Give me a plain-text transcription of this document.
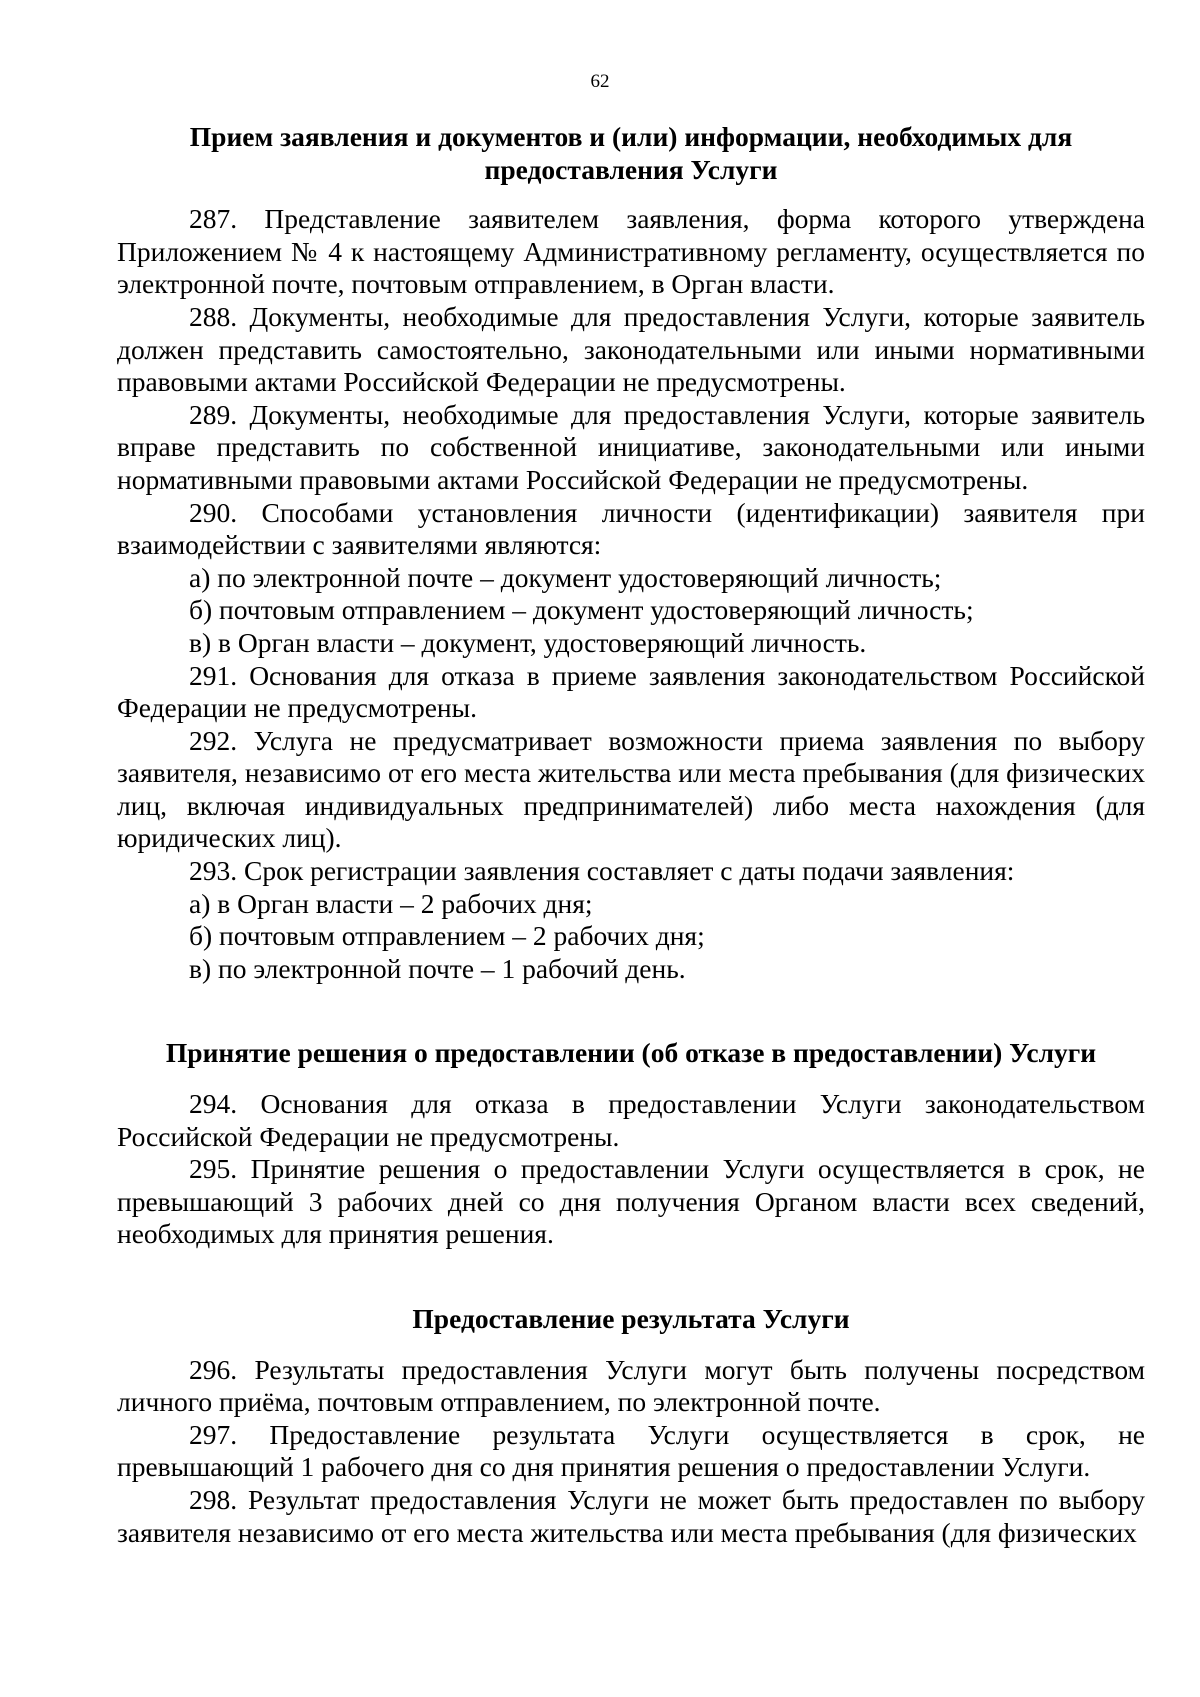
62
Прием заявления и документов и (или) информации, необходимых для предоставления Услуги

287. Представление заявителем заявления, форма которого утверждена Приложением № 4 к настоящему Административному регламенту, осуществляется по электронной почте, почтовым отправлением, в Орган власти.

288. Документы, необходимые для предоставления Услуги, которые заявитель должен представить самостоятельно, законодательными или иными нормативными правовыми актами Российской Федерации не предусмотрены.

289. Документы, необходимые для предоставления Услуги, которые заявитель вправе представить по собственной инициативе, законодательными или иными нормативными правовыми актами Российской Федерации не предусмотрены.

290. Способами установления личности (идентификации) заявителя при взаимодействии с заявителями являются:

а) по электронной почте – документ удостоверяющий личность;

б) почтовым отправлением – документ удостоверяющий личность;

в) в Орган власти – документ, удостоверяющий личность.

291. Основания для отказа в приеме заявления законодательством Российской Федерации не предусмотрены.

292. Услуга не предусматривает возможности приема заявления по выбору заявителя, независимо от его места жительства или места пребывания (для физических лиц, включая индивидуальных предпринимателей) либо места нахождения (для юридических лиц).

293. Срок регистрации заявления составляет с даты подачи заявления:

а) в Орган власти – 2 рабочих дня;

б) почтовым отправлением – 2 рабочих дня;

в) по электронной почте – 1 рабочий день.

Принятие решения о предоставлении (об отказе в предоставлении) Услуги

294. Основания для отказа в предоставлении Услуги законодательством Российской Федерации не предусмотрены.

295. Принятие решения о предоставлении Услуги осуществляется в срок, не превышающий 3 рабочих дней со дня получения Органом власти всех сведений, необходимых для принятия решения.

Предоставление результата Услуги

296. Результаты предоставления Услуги могут быть получены посредством личного приёма, почтовым отправлением, по электронной почте.

297. Предоставление результата Услуги осуществляется в срок, не превышающий 1 рабочего дня со дня принятия решения о предоставлении Услуги.

298. Результат предоставления Услуги не может быть предоставлен по выбору заявителя независимо от его места жительства или места пребывания (для физических
